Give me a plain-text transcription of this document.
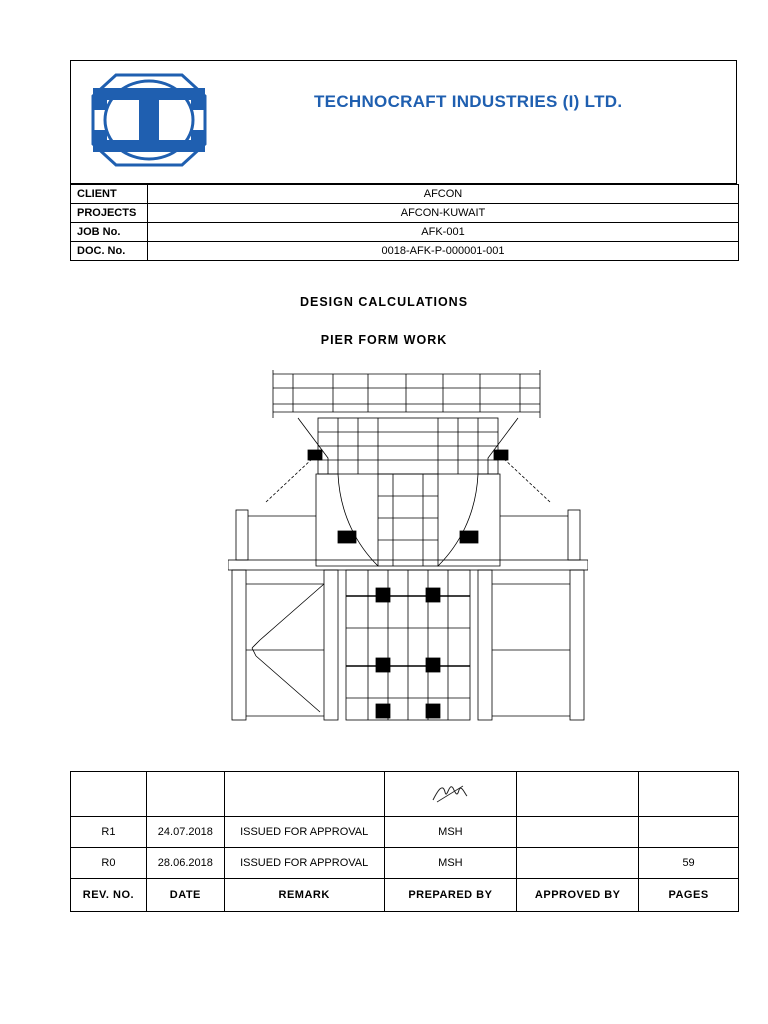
TECHNOCRAFT INDUSTRIES (I) LTD.
CLIENT	AFCON
PROJECTS	AFCON-KUWAIT
JOB No.	AFK-001
DOC. No.	0018-AFK-P-000001-001
DESIGN CALCULATIONS
PIER FORM WORK

R1	24.07.2018	ISSUED FOR APPROVAL	MSH		
R0	28.06.2018	ISSUED FOR APPROVAL	MSH		59
REV. NO.	DATE	REMARK	PREPARED BY	APPROVED BY	PAGES
